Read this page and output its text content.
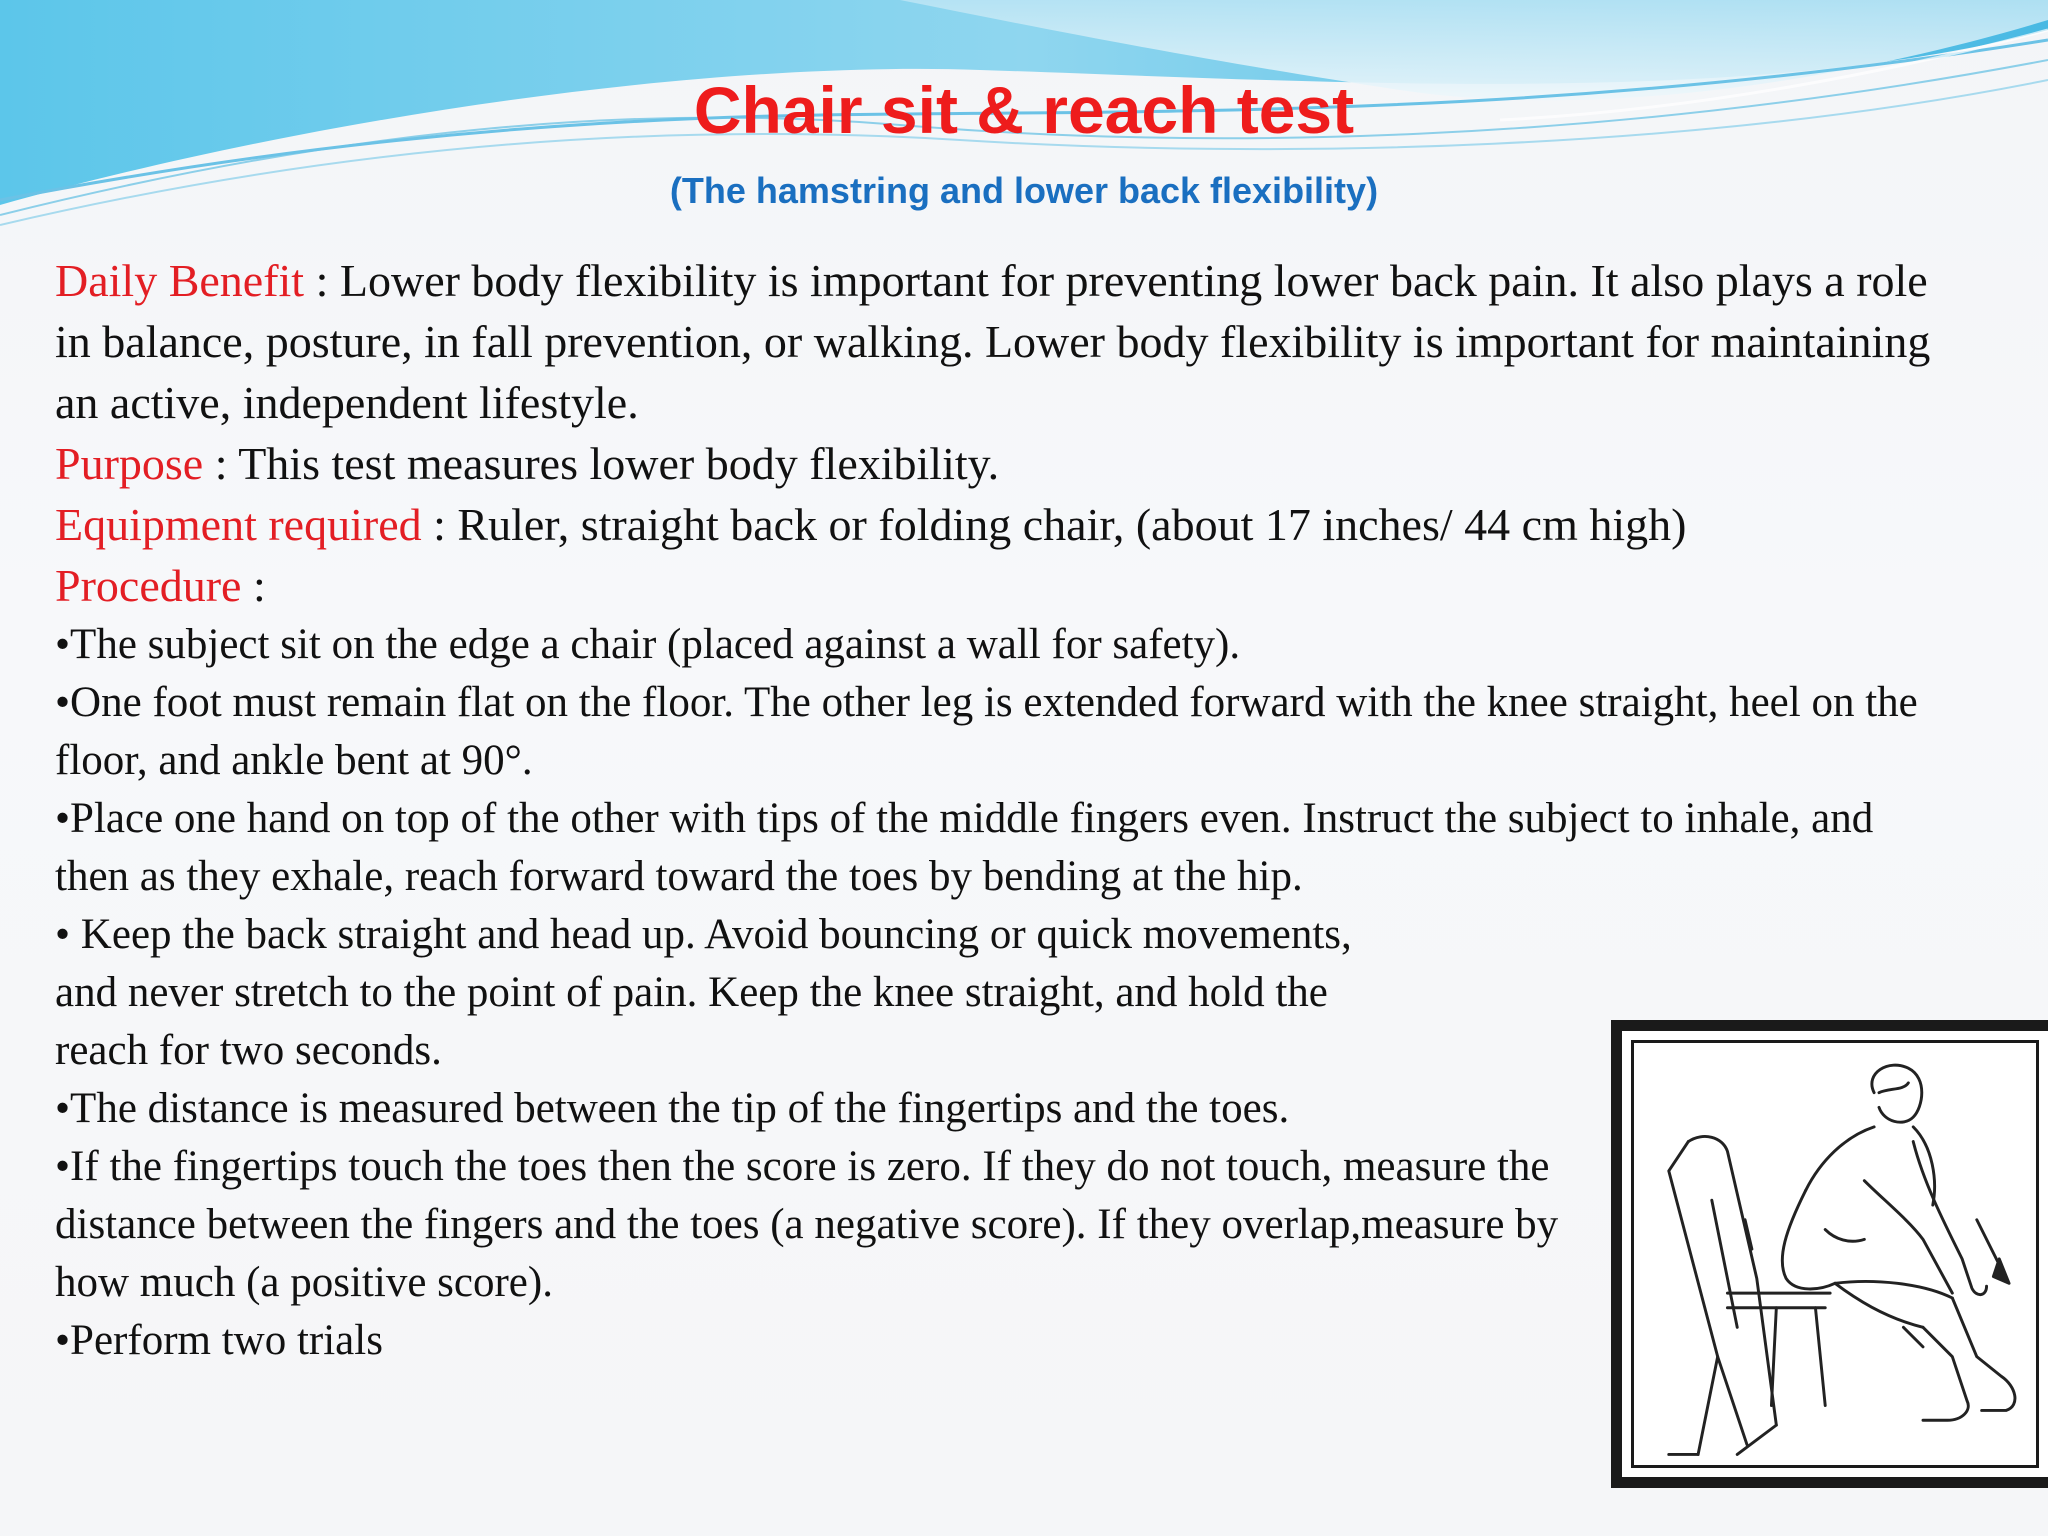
Chair sit & reach test
(The hamstring and lower back flexibility)

Daily Benefit : Lower body flexibility is important for preventing lower back pain. It also plays a role in balance, posture, in fall prevention, or walking. Lower body flexibility is important for maintaining an active, independent lifestyle.

Purpose : This test measures lower body flexibility.

Equipment required : Ruler, straight back or folding chair, (about 17 inches/ 44 cm high)

Procedure :

•The subject sit on the edge a chair (placed against a wall for safety).

•One foot must remain flat on the floor. The other leg is extended forward with the knee straight, heel on the floor, and ankle bent at 90°.

•Place one hand on top of the other with tips of the middle fingers even. Instruct the subject to inhale, and then as they exhale, reach forward toward the toes by bending at the hip.

• Keep the back straight and head up. Avoid bouncing or quick movements, and never stretch to the point of pain. Keep the knee straight, and hold the reach for two seconds.

•The distance is measured between the tip of the fingertips and the toes.

•If the fingertips touch the toes then the score is zero. If they do not touch, measure the distance between the fingers and the toes (a negative score). If they overlap,measure by how much (a positive score).

•Perform two trials
